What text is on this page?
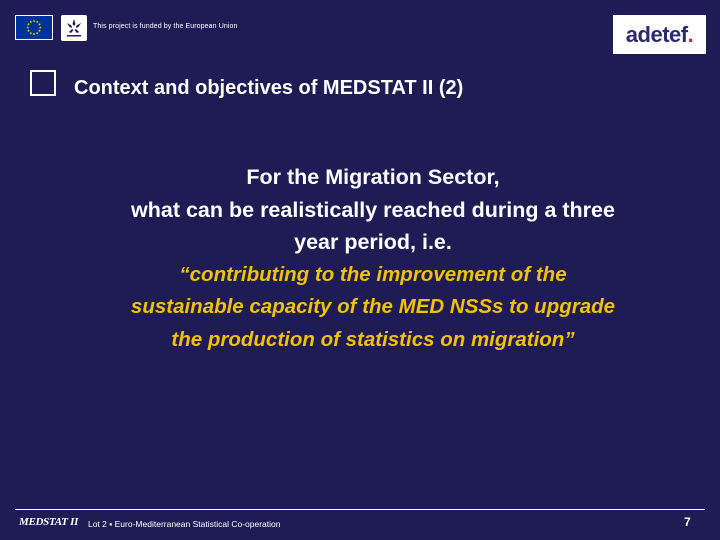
This project is funded by the European Union	adetef.
Context and objectives of MEDSTAT II (2)
For the Migration Sector,
what can be realistically reached during a three
year period, i.e.
“contributing to the improvement of the
sustainable capacity of the MED NSSs to upgrade
the production of statistics on migration”
MEDSTAT II Lot 2 ▪ Euro-Mediterranean Statistical Co-operation	7
